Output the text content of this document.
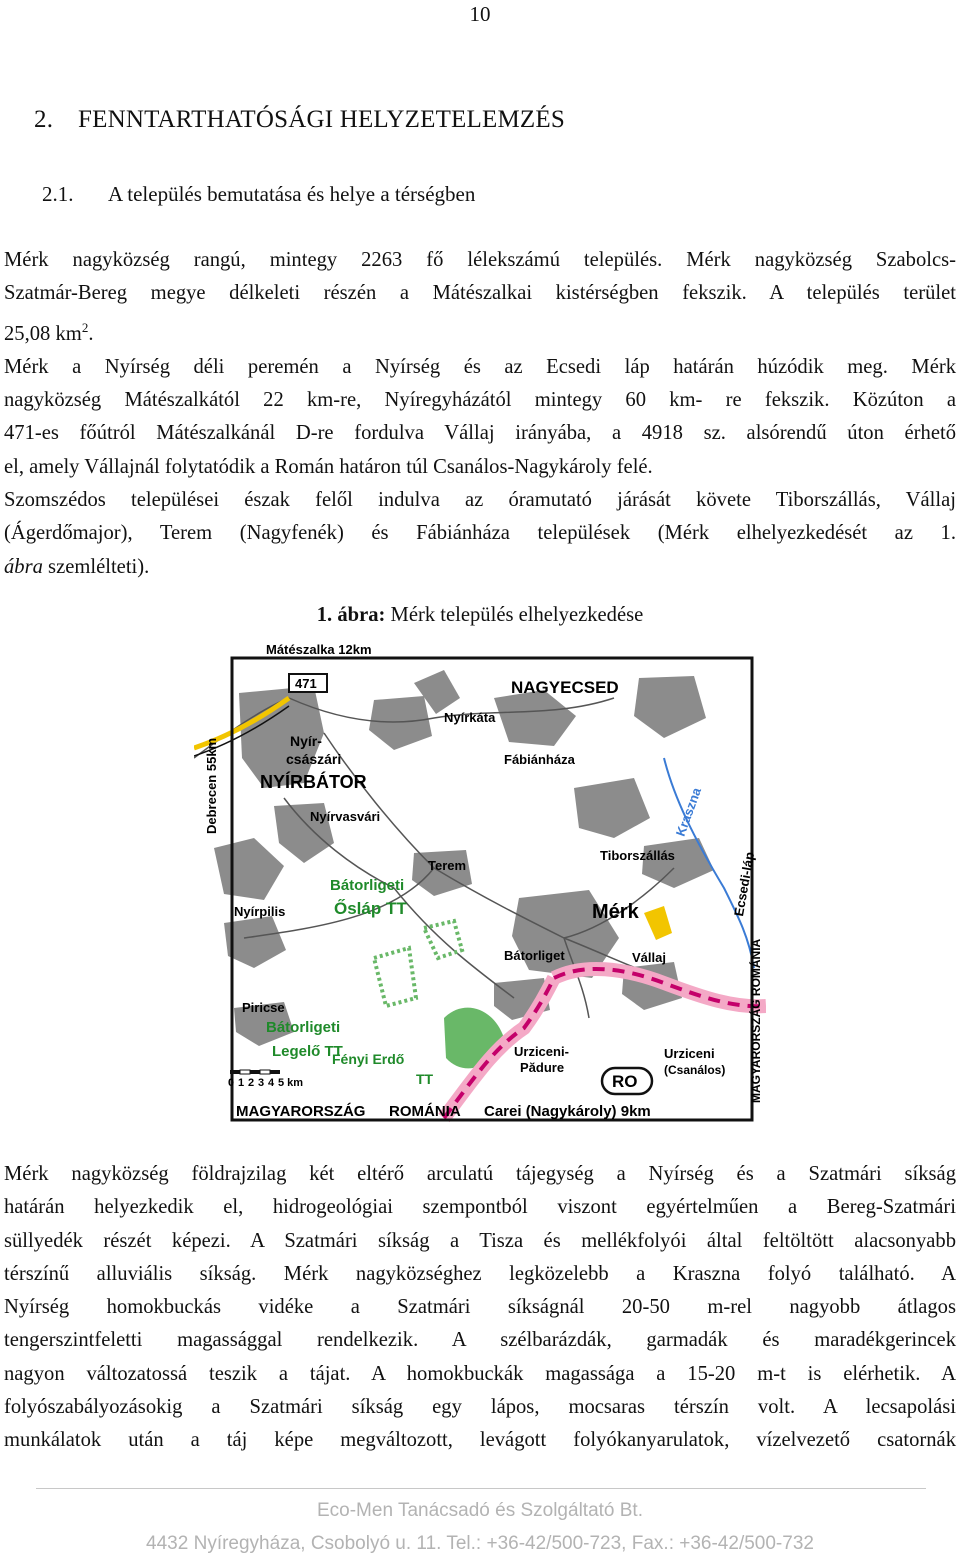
10
2. FENNTARTHATÓSÁGI HELYZETELEMZÉS
2.1. A település bemutatása és helye a térségben

Mérk nagyközség rangú, mintegy 2263 fő lélekszámú település. Mérk nagyközség Szabolcs-

Szatmár-Bereg megye délkeleti részén a Mátészalkai kistérségben fekszik. A település terület

25,08 $km^2$.

Mérk a Nyírség déli peremén a Nyírség és az Ecsedi láp határán húzódik meg. Mérk

nagyközség Mátészalkától 22 km-re, Nyíregyházától mintegy 60 km- re fekszik. Közúton a

471-es főútról Mátészalkánál D-re fordulva Vállaj irányába, a 4918 sz. alsórendű úton érhető

el, amely Vállajnál folytatódik a Román határon túl Csanálos-Nagykároly felé.

Szomszédos települései észak felől indulva az óramutató járását követe Tiborszállás, Vállaj

(Ágerdőmajor), Terem (Nagyfenék) és Fábiánháza települések (Mérk elhelyezkedését az 1.

ábra szemlélteti).

1. ábra: Mérk település elhelyezkedése
Mátészalka 12km
471	NAGYECSED
Nyírkáta
Nyír-
császári
NYÍRBÁTOR
Debrecen 55km	Fábiánháza
Kraszna
Nyírvasvári
Terem
Tiborszállás	Ecsedi-láp
Bátorligeti
Ősláp TT	Mérk
MAGYARORSZÁG ROMÁNIA
Nyírpilis
Bátorliget	Vállaj
Piricse
Bátorligeti
Legelő TT
Fényi Erdő
TT
Urziceni-
Pădure
RO
Urziceni
(Csanálos)
0 1 2 3 4 5 km
MAGYARORSZÁG ROMÁNIA Carei (Nagykároly) 9km

Mérk nagyközség földrajzilag két eltérő arculatú tájegység a Nyírség és a Szatmári síkság

határán helyezkedik el, hidrogeológiai szempontból viszont egyértelműen a Bereg-Szatmári

süllyedék részét képezi. A Szatmári síkság a Tisza és mellékfolyói által feltöltött alacsonyabb

térszínű alluviális síkság. Mérk nagyközséghez legközelebb a Kraszna folyó található. A

Nyírség homokbuckás vidéke a Szatmári síkságnál 20-50 m-rel nagyobb átlagos

tengerszintfeletti magassággal rendelkezik. A szélbarázdák, garmadák és maradékgerincek

nagyon változatossá teszik a tájat. A homokbuckák magassága a 15-20 m-t is elérhetik. A

folyószabályozásokig a Szatmári síkság egy lápos, mocsaras térszín volt. A lecsapolási

munkálatok után a táj képe megváltozott, levágott folyókanyarulatok, vízelvezető csatornák

Eco-Men Tanácsadó és Szolgáltató Bt.
4432 Nyíregyháza, Csobolyó u. 11. Tel.: +36-42/500-723, Fax.: +36-42/500-732
